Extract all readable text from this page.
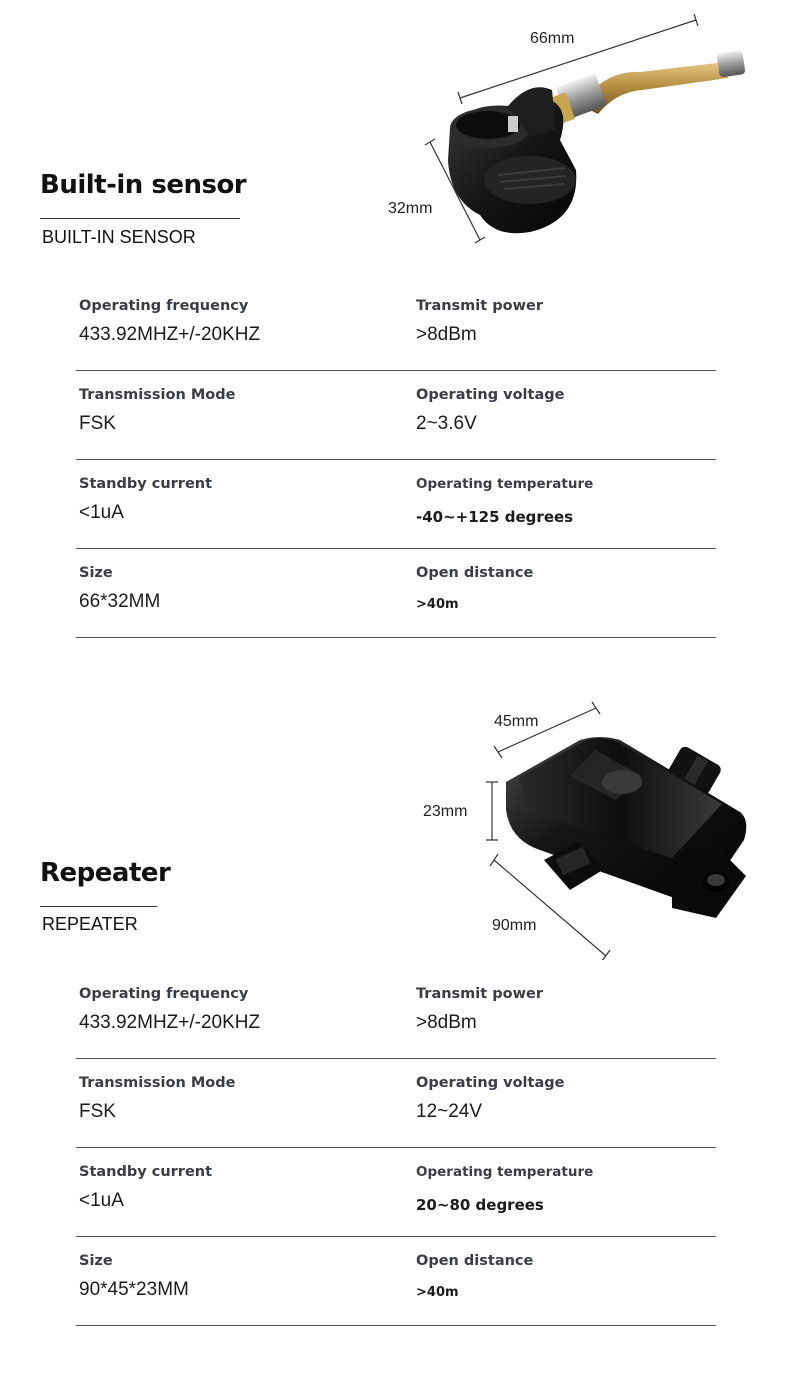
66mm
32mm
Built-in sensor
BUILT-IN SENSOR
Operating frequency
433.92MHZ+/-20KHZ
Transmit power
>8dBm
Transmission Mode
FSK
Operating voltage
2~3.6V
Standby current
<1uA
Operating temperature
-40~+125 degrees
Size
66*32MM
Open distance
>40m
45mm
23mm
90mm
Repeater
REPEATER
Operating frequency
433.92MHZ+/-20KHZ
Transmit power
>8dBm
Transmission Mode
FSK
Operating voltage
12~24V
Standby current
<1uA
Operating temperature
20~80 degrees
Size
90*45*23MM
Open distance
>40m
